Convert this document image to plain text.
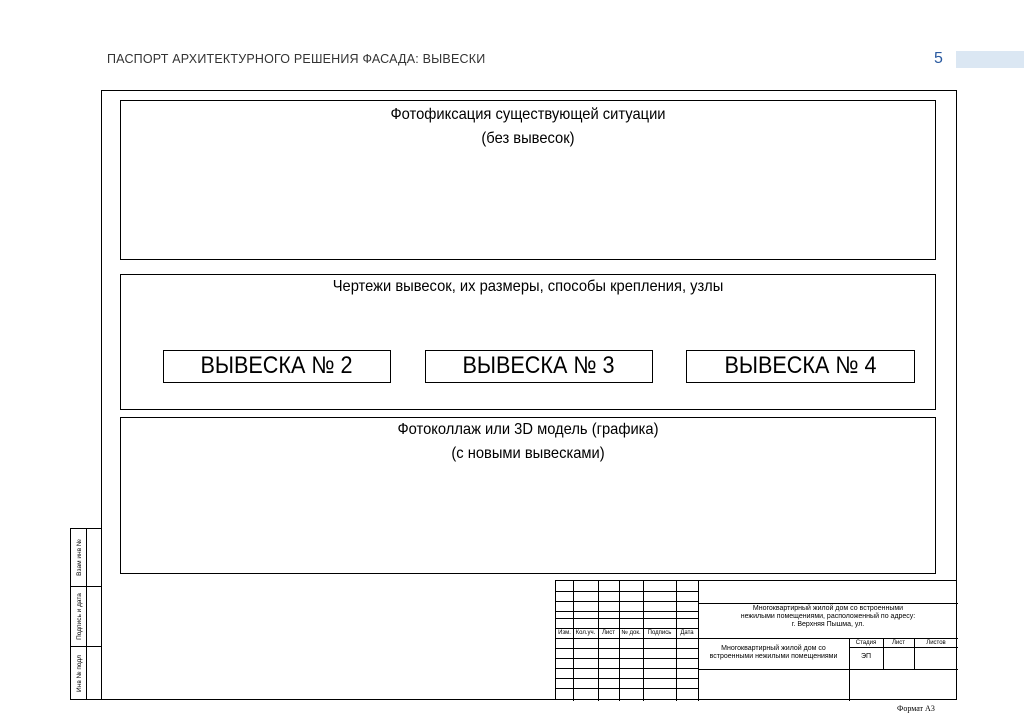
ПАСПОРТ АРХИТЕКТУРНОГО РЕШЕНИЯ ФАСАДА: ВЫВЕСКИ	5
Взам инв №
Подпись и дата
Инв № подл
Фотофиксация существующей ситуации
(без вывесок)
Чертежи вывесок, их размеры, способы крепления, узлы
ВЫВЕСКА № 2	ВЫВЕСКА № 3	ВЫВЕСКА № 4
Фотоколлаж или 3D модель (графика)
(с новыми вывесками)
Изм. Кол.уч.	Лист	№ док.	Подпись	Дата
Многоквартирный жилой дом со встроенными
нежилыми помещениями, расположенный по адресу:
г. Верхняя Пышма, ул.
Многоквартирный жилой дом со
встроенными нежилыми помещениями
Стадия	Лист	Листов
ЭП
Формат А3
